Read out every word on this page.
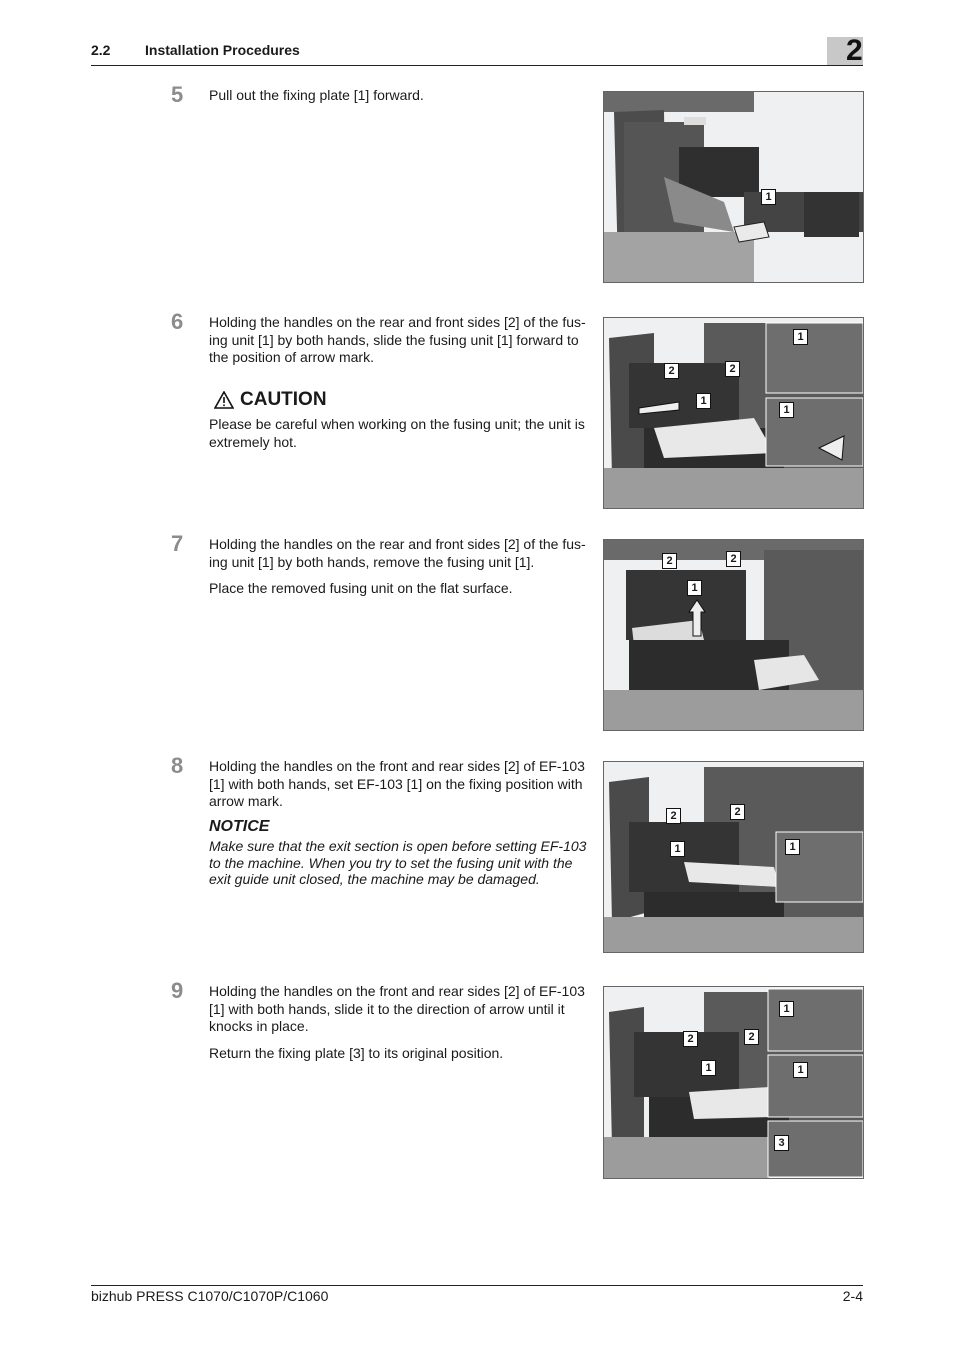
2.2 Installation Procedures	2
5 Pull out the fixing plate [1] forward.

1
6 Holding the handles on the rear and front sides [2] of the fus-ing unit [1] by both hands, slide the fusing unit [1] forward to the position of arrow mark.

CAUTION
Please be careful when working on the fusing unit; the unit is extremely hot.
2	2
1
1
1
7 Holding the handles on the rear and front sides [2] of the fus-ing unit [1] by both hands, remove the fusing unit [1].

Place the removed fusing unit on the flat surface.

2	2
1
8 Holding the handles on the front and rear sides [2] of EF-103 [1] with both hands, set EF-103 [1] on the fixing position with arrow mark.

NOTICE
Make sure that the exit section is open before setting EF-103 to the machine. When you try to set the fusing unit with the exit guide unit closed, the machine may be damaged.
2	2
1	1
9 Holding the handles on the front and rear sides [2] of EF-103 [1] with both hands, slide it to the direction of arrow until it knocks in place.

Return the fixing plate [3] to its original position.

2	2
1
1
1
3
bizhub PRESS C1070/C1070P/C1060	2-4
